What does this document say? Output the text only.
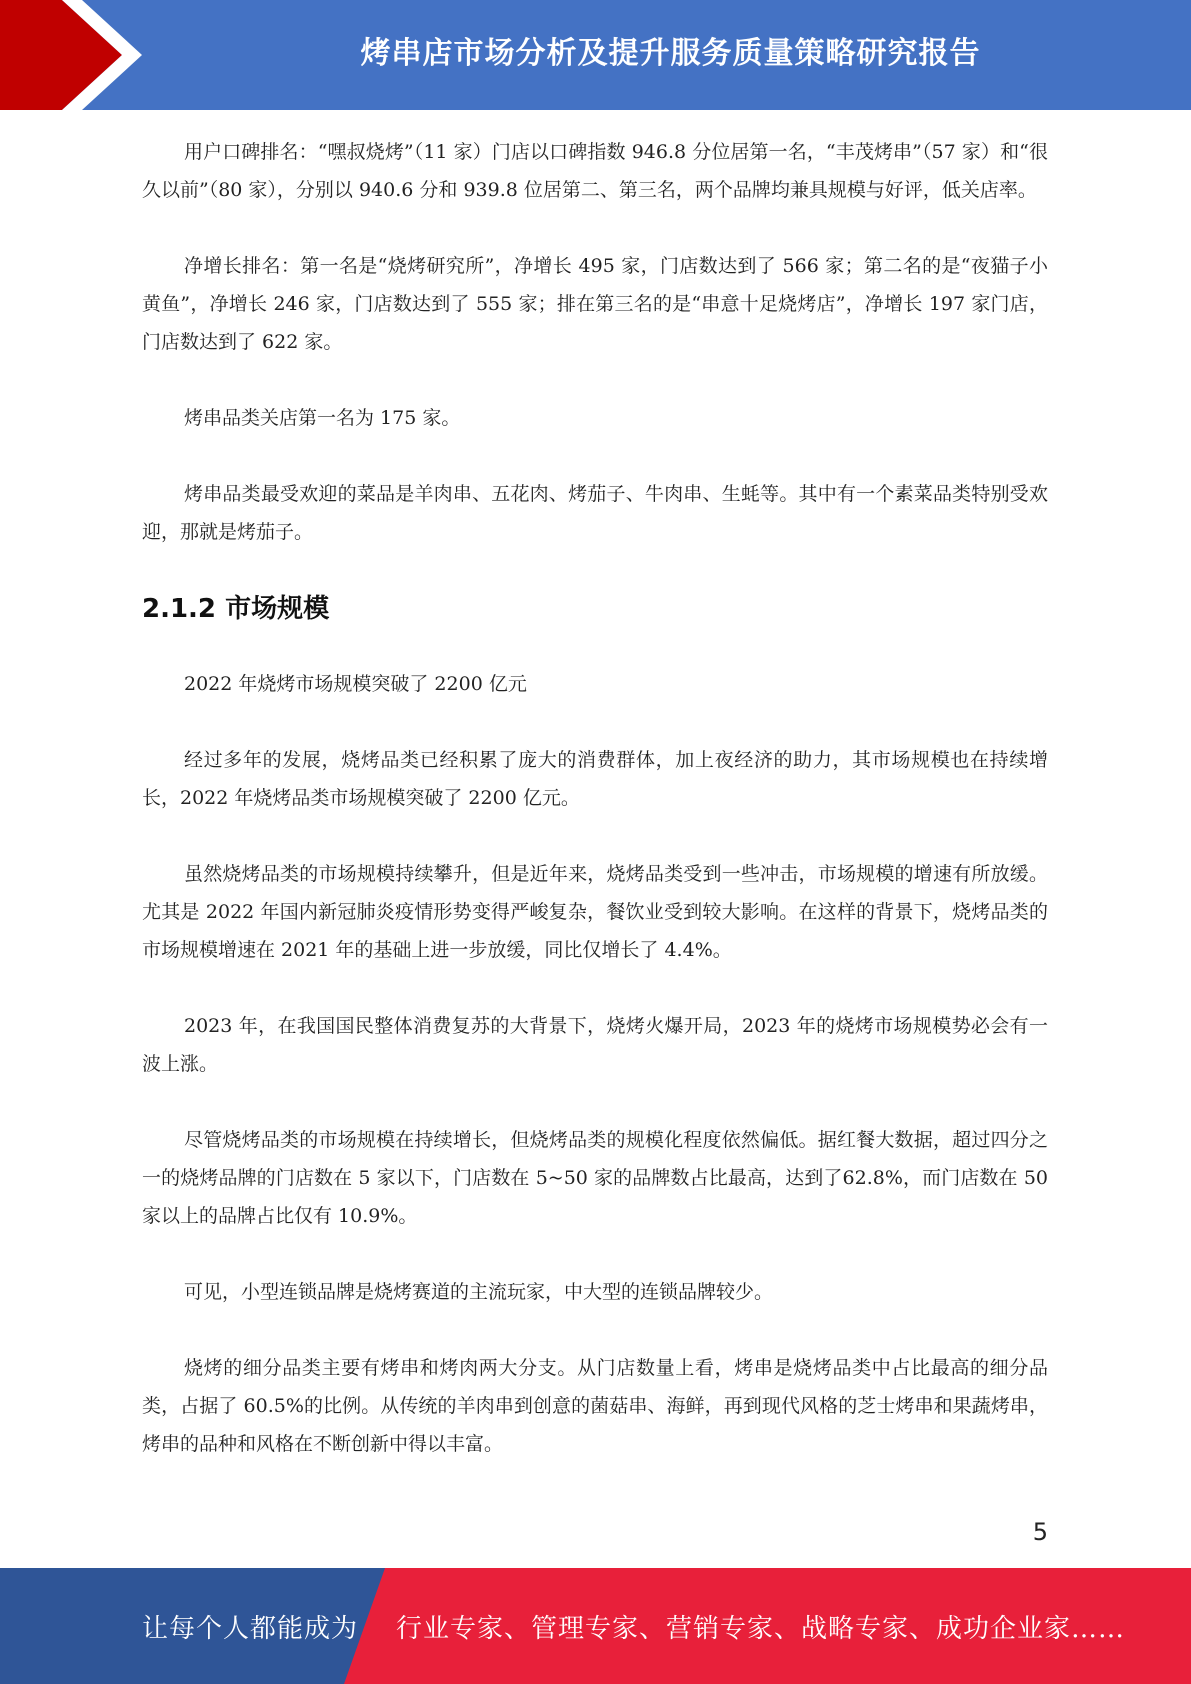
烤串店市场分析及提升服务质量策略研究报告

用户口碑排名：“嘿叔烧烤”（11 家）门店以口碑指数 946.8 分位居第一名，“丰茂烤串”（57 家）和“很久以前”（80 家），分别以 940.6 分和 939.8 位居第二、第三名，两个品牌均兼具规模与好评，低关店率。

净增长排名：第一名是“烧烤研究所”，净增长 495 家，门店数达到了 566 家；第二名的是“夜猫子小黄鱼”，净增长 246 家，门店数达到了 555 家；排在第三名的是“串意十足烧烤店”，净增长 197 家门店，门店数达到了 622 家。

烤串品类关店第一名为 175 家。

烤串品类最受欢迎的菜品是羊肉串、五花肉、烤茄子、牛肉串、生蚝等。其中有一个素菜品类特别受欢迎，那就是烤茄子。

2.1.2 市场规模

2022 年烧烤市场规模突破了 2200 亿元

经过多年的发展，烧烤品类已经积累了庞大的消费群体，加上夜经济的助力，其市场规模也在持续增长，2022 年烧烤品类市场规模突破了 2200 亿元。

虽然烧烤品类的市场规模持续攀升，但是近年来，烧烤品类受到一些冲击，市场规模的增速有所放缓。尤其是 2022 年国内新冠肺炎疫情形势变得严峻复杂，餐饮业受到较大影响。在这样的背景下，烧烤品类的市场规模增速在 2021 年的基础上进一步放缓，同比仅增长了 4.4%。

2023 年，在我国国民整体消费复苏的大背景下，烧烤火爆开局，2023 年的烧烤市场规模势必会有一波上涨。

尽管烧烤品类的市场规模在持续增长，但烧烤品类的规模化程度依然偏低。据红餐大数据，超过四分之一的烧烤品牌的门店数在 5 家以下，门店数在 5~50 家的品牌数占比最高，达到了62.8%，而门店数在 50 家以上的品牌占比仅有 10.9%。

可见，小型连锁品牌是烧烤赛道的主流玩家，中大型的连锁品牌较少。

烧烤的细分品类主要有烤串和烤肉两大分支。从门店数量上看，烤串是烧烤品类中占比最高的细分品类，占据了 60.5%的比例。从传统的羊肉串到创意的菌菇串、海鲜，再到现代风格的芝士烤串和果蔬烤串，烤串的品种和风格在不断创新中得以丰富。

5
让每个人都能成为 行业专家、管理专家、营销专家、战略专家、成功企业家……
